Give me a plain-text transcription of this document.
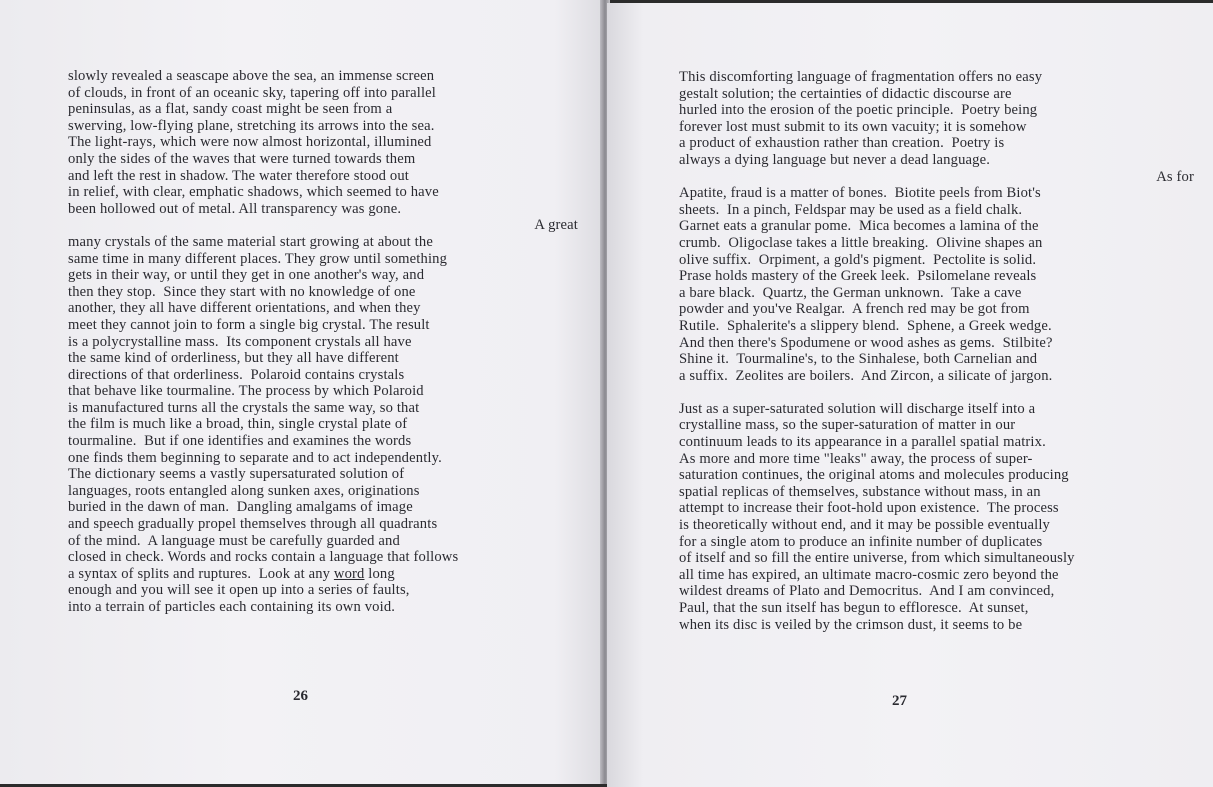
slowly revealed a seascape above the sea, an immense screen
of clouds, in front of an oceanic sky, tapering off into parallel
peninsulas, as a flat, sandy coast might be seen from a
swerving, low-flying plane, stretching its arrows into the sea.
The light-rays, which were now almost horizontal, illumined
only the sides of the waves that were turned towards them
and left the rest in shadow. The water therefore stood out
in relief, with clear, emphatic shadows, which seemed to have
been hollowed out of metal. All transparency was gone.
A great
many crystals of the same material start growing at about the
same time in many different places. They grow until something
gets in their way, or until they get in one another's way, and
then they stop.  Since they start with no knowledge of one
another, they all have different orientations, and when they
meet they cannot join to form a single big crystal. The result
is a polycrystalline mass.  Its component crystals all have
the same kind of orderliness, but they all have different
directions of that orderliness.  Polaroid contains crystals
that behave like tourmaline. The process by which Polaroid
is manufactured turns all the crystals the same way, so that
the film is much like a broad, thin, single crystal plate of
tourmaline.  But if one identifies and examines the words
one finds them beginning to separate and to act independently.
The dictionary seems a vastly supersaturated solution of
languages, roots entangled along sunken axes, originations
buried in the dawn of man.  Dangling amalgams of image
and speech gradually propel themselves through all quadrants
of the mind.  A language must be carefully guarded and
closed in check. Words and rocks contain a language that follows
a syntax of splits and ruptures.  Look at any word long
enough and you will see it open up into a series of faults,
into a terrain of particles each containing its own void.
26
This discomforting language of fragmentation offers no easy
gestalt solution; the certainties of didactic discourse are
hurled into the erosion of the poetic principle.  Poetry being
forever lost must submit to its own vacuity; it is somehow
a product of exhaustion rather than creation.  Poetry is
always a dying language but never a dead language.
As for
Apatite, fraud is a matter of bones.  Biotite peels from Biot's
sheets.  In a pinch, Feldspar may be used as a field chalk.
Garnet eats a granular pome.  Mica becomes a lamina of the
crumb.  Oligoclase takes a little breaking.  Olivine shapes an
olive suffix.  Orpiment, a gold's pigment.  Pectolite is solid.
Prase holds mastery of the Greek leek.  Psilomelane reveals
a bare black.  Quartz, the German unknown.  Take a cave
powder and you've Realgar.  A french red may be got from
Rutile.  Sphalerite's a slippery blend.  Sphene, a Greek wedge.
And then there's Spodumene or wood ashes as gems.  Stilbite?
Shine it.  Tourmaline's, to the Sinhalese, both Carnelian and
a suffix.  Zeolites are boilers.  And Zircon, a silicate of jargon.
Just as a super-saturated solution will discharge itself into a
crystalline mass, so the super-saturation of matter in our
continuum leads to its appearance in a parallel spatial matrix.
As more and more time "leaks" away, the process of super-
saturation continues, the original atoms and molecules producing
spatial replicas of themselves, substance without mass, in an
attempt to increase their foot-hold upon existence.  The process
is theoretically without end, and it may be possible eventually
for a single atom to produce an infinite number of duplicates
of itself and so fill the entire universe, from which simultaneously
all time has expired, an ultimate macro-cosmic zero beyond the
wildest dreams of Plato and Democritus.  And I am convinced,
Paul, that the sun itself has begun to effloresce.  At sunset,
when its disc is veiled by the crimson dust, it seems to be
27
